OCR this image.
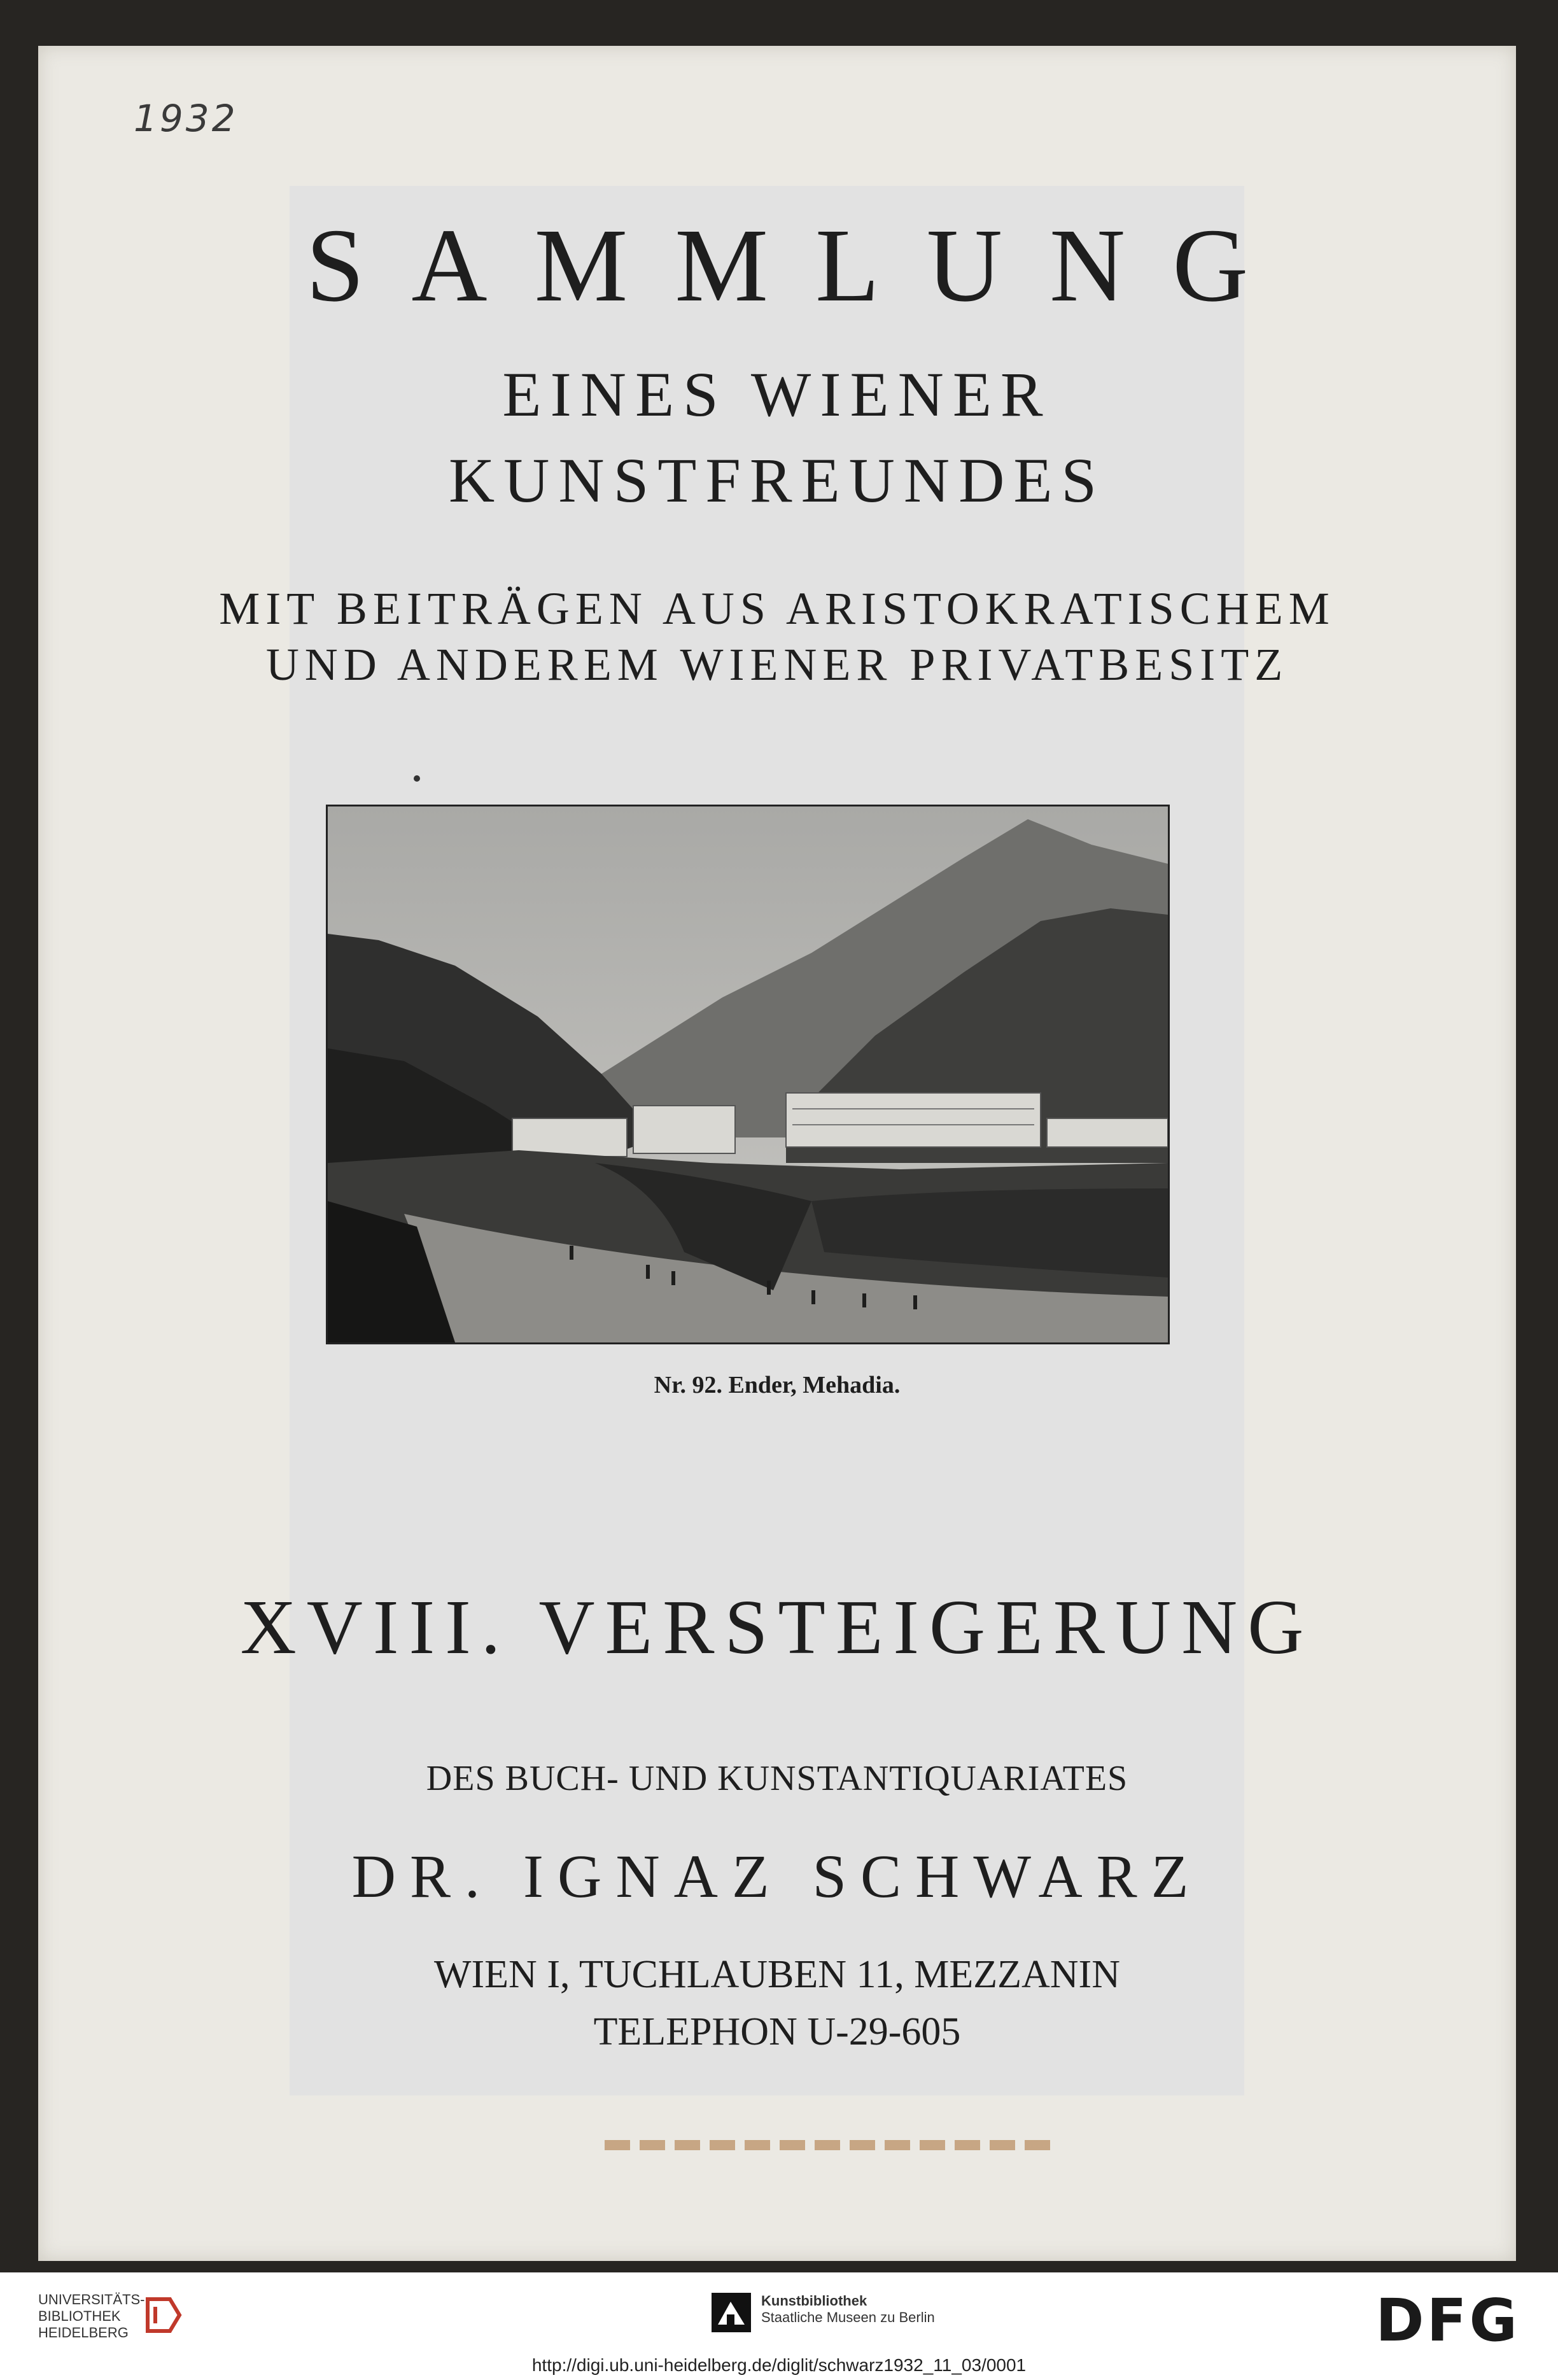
1932
SAMMLUNG
EINES WIENER
KUNSTFREUNDES
MIT BEITRÄGEN AUS ARISTOKRATISCHEM
UND ANDEREM WIENER PRIVATBESITZ
Nr. 92. Ender, Mehadia.
XVIII. VERSTEIGERUNG
DES BUCH- UND KUNSTANTIQUARIATES
DR. IGNAZ SCHWARZ
WIEN I, TUCHLAUBEN 11, MEZZANIN
TELEPHON U-29-605
UNIVERSITÄTS-
BIBLIOTHEK
HEIDELBERG
Kunstbibliothek
Staatliche Museen zu Berlin	DFG
http://digi.ub.uni-heidelberg.de/diglit/schwarz1932_11_03/0001
